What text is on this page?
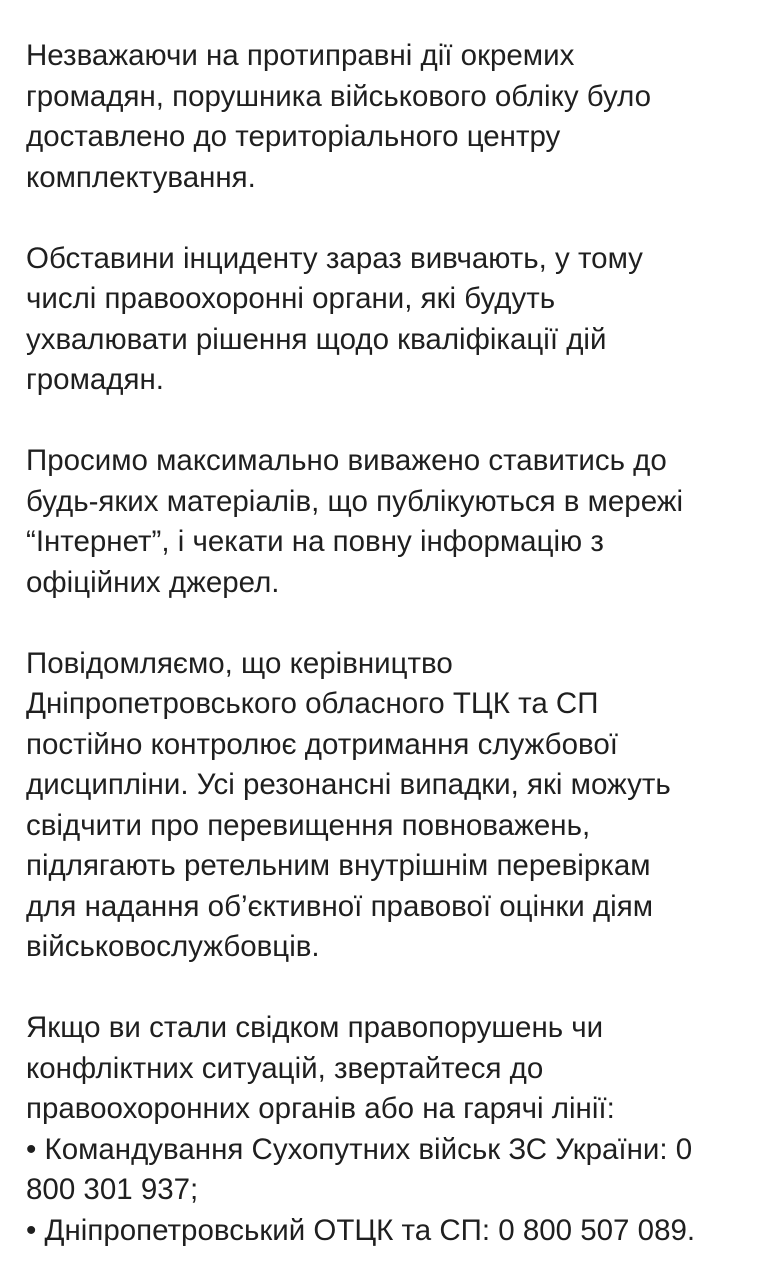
Незважаючи на протиправні дії окремих
громадян, порушника військового обліку було
доставлено до територіального центру
комплектування.
Обставини інциденту зараз вивчають, у тому
числі правоохоронні органи, які будуть
ухвалювати рішення щодо кваліфікації дій
громадян.
Просимо максимально виважено ставитись до
будь-яких матеріалів, що публікуються в мережі
“Інтернет”, і чекати на повну інформацію з
офіційних джерел.
Повідомляємо, що керівництво
Дніпропетровського обласного ТЦК та СП
постійно контролює дотримання службової
дисципліни. Усі резонансні випадки, які можуть
свідчити про перевищення повноважень,
підлягають ретельним внутрішнім перевіркам
для надання об’єктивної правової оцінки діям
військовослужбовців.
Якщо ви стали свідком правопорушень чи
конфліктних ситуацій, звертайтеся до
правоохоронних органів або на гарячі лінії:
• Командування Сухопутних військ ЗС України: 0
800 301 937;
• Дніпропетровський ОТЦК та СП: 0 800 507 089.
